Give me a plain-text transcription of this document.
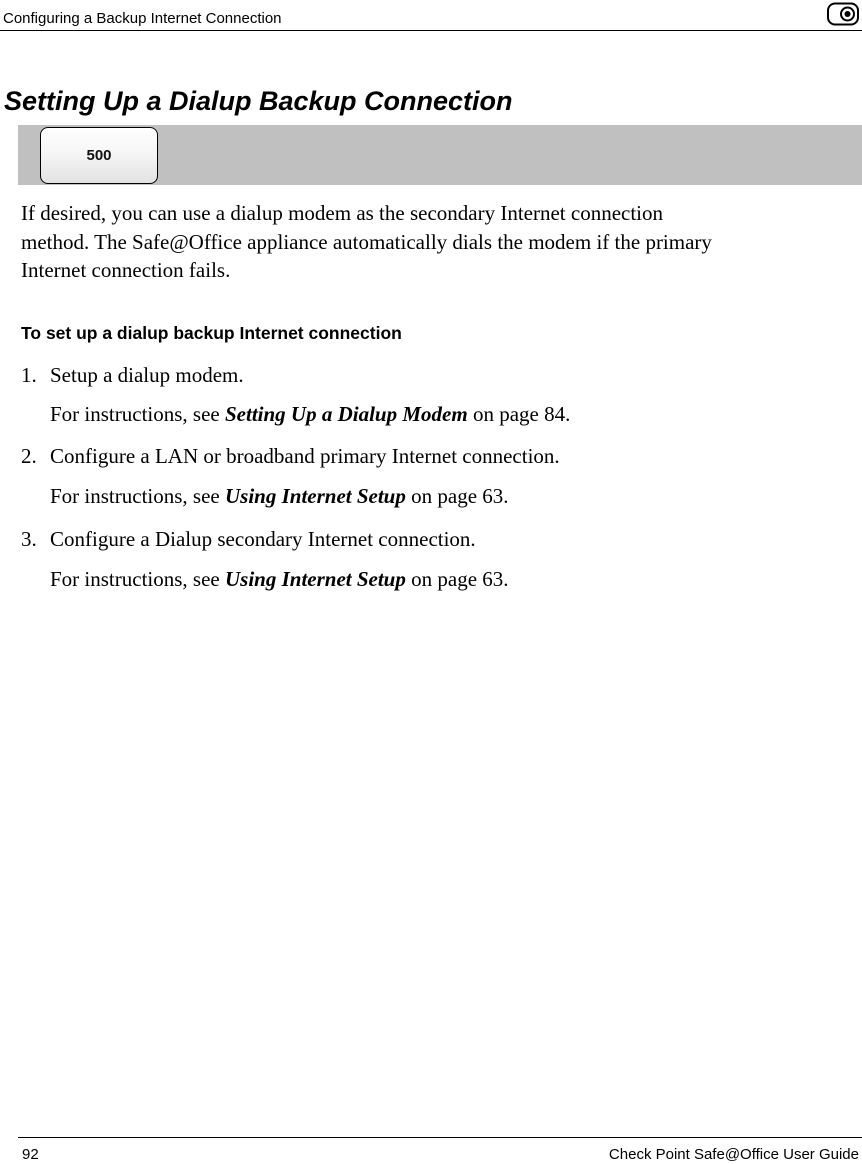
Configuring a Backup Internet Connection
Setting Up a Dialup Backup Connection
500

If desired, you can use a dialup modem as the secondary Internet connection
method. The Safe@Office appliance automatically dials the modem if the primary
Internet connection fails.

To set up a dialup backup Internet connection
1. Setup a dialup modem.
For instructions, see Setting Up a Dialup Modem on page 84.
2. Configure a LAN or broadband primary Internet connection.
For instructions, see Using Internet Setup on page 63.
3. Configure a Dialup secondary Internet connection.
For instructions, see Using Internet Setup on page 63.
92	Check Point Safe@Office User Guide
